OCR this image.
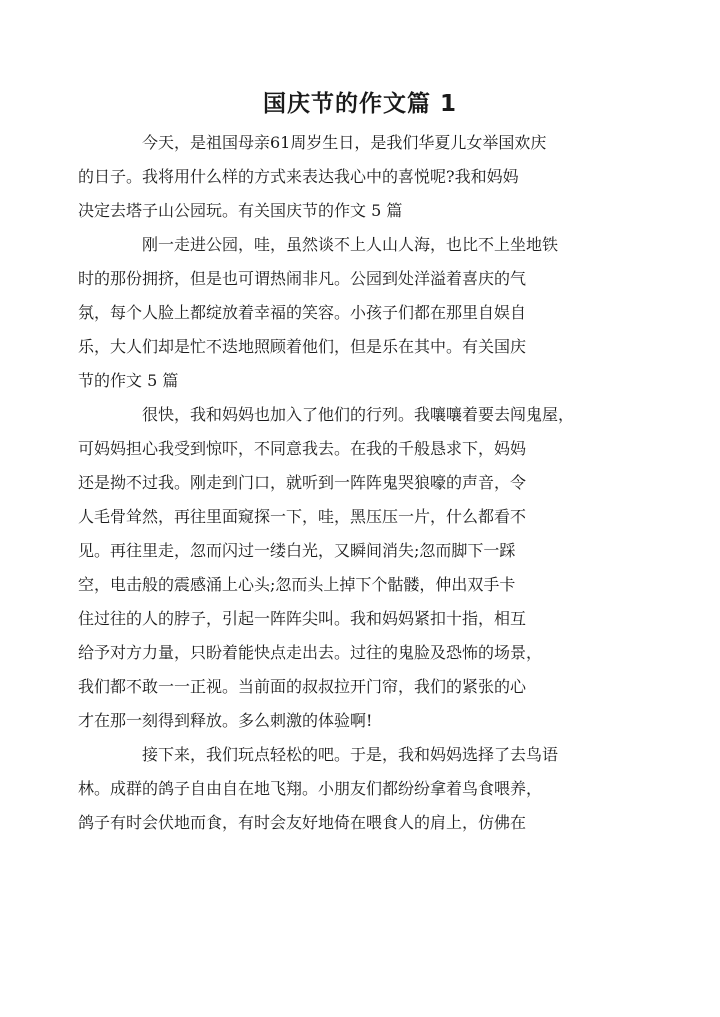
国庆节的作文篇 1

今天，是祖国母亲61周岁生日，是我们华夏儿女举国欢庆
的日子。我将用什么样的方式来表达我心中的喜悦呢?我和妈妈
决定去塔子山公园玩。有关国庆节的作文 5 篇

刚一走进公园，哇，虽然谈不上人山人海，也比不上坐地铁
时的那份拥挤，但是也可谓热闹非凡。公园到处洋溢着喜庆的气
氛，每个人脸上都绽放着幸福的笑容。小孩子们都在那里自娱自
乐，大人们却是忙不迭地照顾着他们，但是乐在其中。有关国庆
节的作文 5 篇

很快，我和妈妈也加入了他们的行列。我嚷嚷着要去闯鬼屋，
可妈妈担心我受到惊吓，不同意我去。在我的千般恳求下，妈妈
还是拗不过我。刚走到门口，就听到一阵阵鬼哭狼嚎的声音，令
人毛骨耸然，再往里面窥探一下，哇，黑压压一片，什么都看不
见。再往里走，忽而闪过一缕白光，又瞬间消失;忽而脚下一踩
空，电击般的震感涌上心头;忽而头上掉下个骷髅，伸出双手卡
住过往的人的脖子，引起一阵阵尖叫。我和妈妈紧扣十指，相互
给予对方力量，只盼着能快点走出去。过往的鬼脸及恐怖的场景，
我们都不敢一一正视。当前面的叔叔拉开门帘，我们的紧张的心
才在那一刻得到释放。多么刺激的体验啊!

接下来，我们玩点轻松的吧。于是，我和妈妈选择了去鸟语
林。成群的鸽子自由自在地飞翔。小朋友们都纷纷拿着鸟食喂养，
鸽子有时会伏地而食，有时会友好地倚在喂食人的肩上，仿佛在
